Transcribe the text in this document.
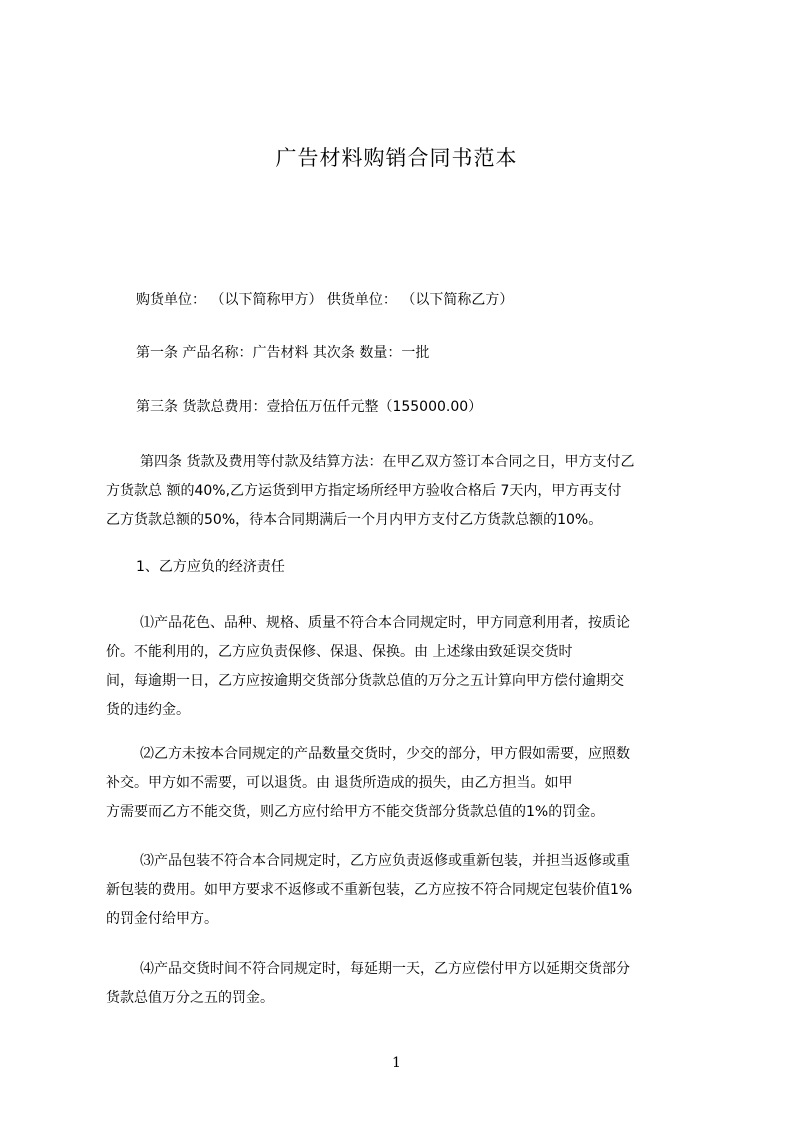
广告材料购销合同书范本
购货单位： （以下简称甲方） 供货单位： （以下简称乙方）
第一条 产品名称：广告材料 其次条 数量：一批
第三条 货款总费用：壹拾伍万伍仟元整（155000.00）
第四条 货款及费用等付款及结算方法：在甲乙双方签订本合同之日，甲方支付乙
方货款总 额的40%,乙方运货到甲方指定场所经甲方验收合格后 7天内，甲方再支付
乙方货款总额的50%，待本合同期满后一个月内甲方支付乙方货款总额的10%。
1、乙方应负的经济责任
⑴产品花色、品种、规格、质量不符合本合同规定时，甲方同意利用者，按质论
价。不能利用的，乙方应负责保修、保退、保换。由 上述缘由致延误交货时
间，每逾期一日，乙方应按逾期交货部分货款总值的万分之五计算向甲方偿付逾期交
货的违约金。
⑵乙方未按本合同规定的产品数量交货时，少交的部分，甲方假如需要，应照数
补交。甲方如不需要，可以退货。由 退货所造成的损失，由乙方担当。如甲
方需要而乙方不能交货，则乙方应付给甲方不能交货部分货款总值的1%的罚金。
⑶产品包装不符合本合同规定时，乙方应负责返修或重新包装，并担当返修或重
新包装的费用。如甲方要求不返修或不重新包装，乙方应按不符合同规定包装价值1%
的罚金付给甲方。
⑷产品交货时间不符合同规定时，每延期一天，乙方应偿付甲方以延期交货部分
货款总值万分之五的罚金。
1
